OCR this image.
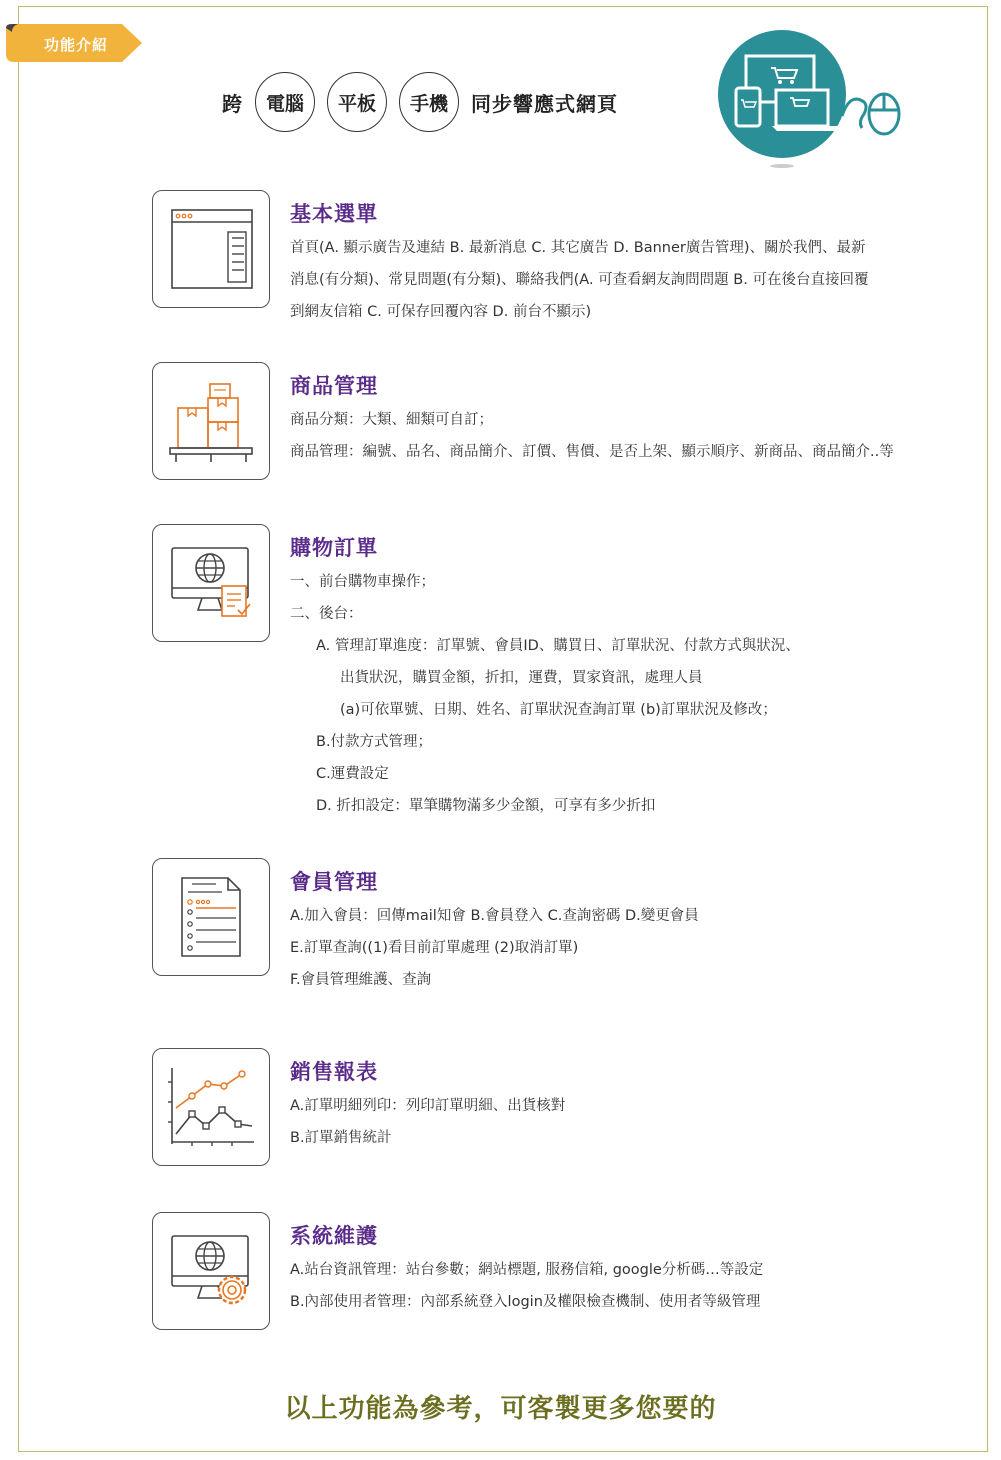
功能介紹
跨	電腦	平板	手機	同步響應式網頁
基本選單
首頁(A. 顯示廣告及連結 B. 最新消息 C. 其它廣告 D. Banner廣告管理)、關於我們、最新
消息(有分類)、常見問題(有分類)、聯絡我們(A. 可查看網友詢問問題 B. 可在後台直接回覆
到網友信箱 C. 可保存回覆內容 D. 前台不顯示)
商品管理
商品分類：大類、細類可自訂；
商品管理：編號、品名、商品簡介、訂價、售價、是否上架、顯示順序、新商品、商品簡介..等
購物訂單
一、前台購物車操作；
二、後台：
A. 管理訂單進度：訂單號、會員ID、購買日、訂單狀況、付款方式與狀況、
出貨狀況，購買金額，折扣，運費，買家資訊，處理人員
(a)可依單號、日期、姓名、訂單狀況查詢訂單 (b)訂單狀況及修改；
B.付款方式管理；
C.運費設定
D. 折扣設定：單筆購物滿多少金額，可享有多少折扣
會員管理
A.加入會員：回傳mail知會 B.會員登入 C.查詢密碼 D.變更會員
E.訂單查詢((1)看目前訂單處理 (2)取消訂單)
F.會員管理維護、查詢
銷售報表
A.訂單明細列印：列印訂單明細、出貨核對
B.訂單銷售統計
系統維護
A.站台資訊管理：站台參數；網站標題, 服務信箱, google分析碼…等設定
B.內部使用者管理：內部系統登入login及權限檢查機制、使用者等級管理
以上功能為參考，可客製更多您要的
